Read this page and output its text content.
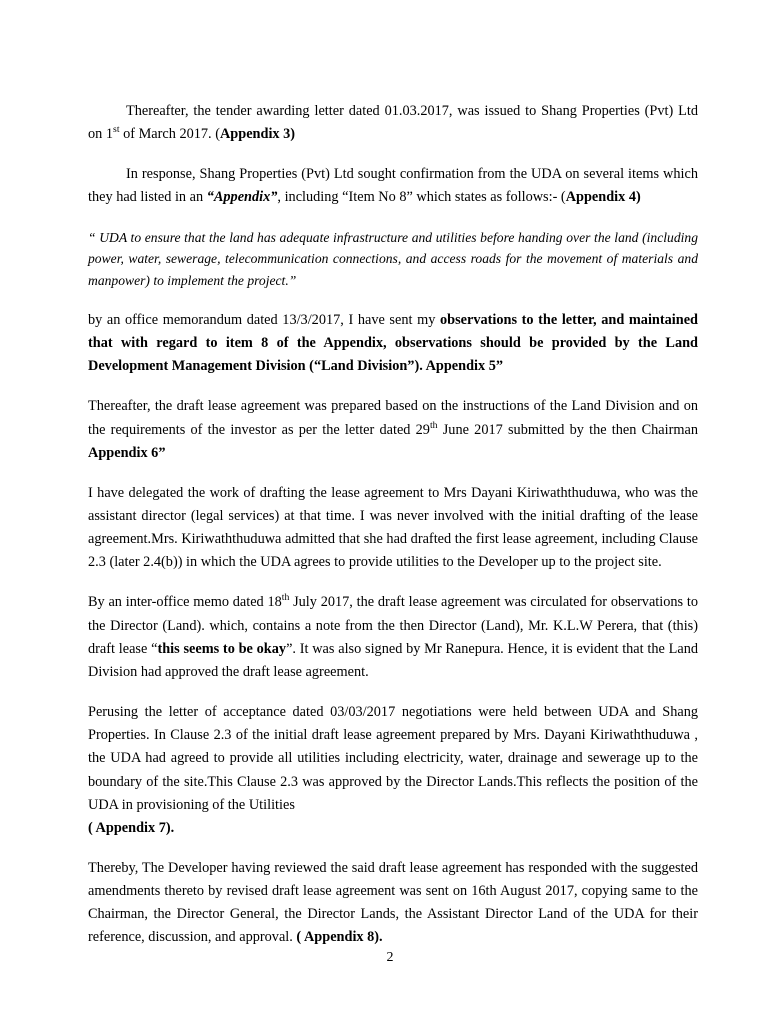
Thereafter, the tender awarding letter dated 01.03.2017, was issued to Shang Properties (Pvt) Ltd on 1st of March 2017. (Appendix 3)

In response, Shang Properties (Pvt) Ltd sought confirmation from the UDA on several items which they had listed in an “Appendix”, including “Item No 8” which states as follows:- (Appendix 4)

“ UDA to ensure that the land has adequate infrastructure and utilities before handing over the land (including power, water, sewerage, telecommunication connections, and access roads for the movement of materials and manpower) to implement the project.”

by an office memorandum dated 13/3/2017, I have sent my observations to the letter, and maintained that with regard to item 8 of the Appendix, observations should be provided by the Land Development Management Division (“Land Division”). Appendix 5”

Thereafter, the draft lease agreement was prepared based on the instructions of the Land Division and on the requirements of the investor as per the letter dated 29th June 2017 submitted by the then Chairman Appendix 6”

I have delegated the work of drafting the lease agreement to Mrs Dayani Kiriwaththuduwa, who was the assistant director (legal services) at that time. I was never involved with the initial drafting of the lease agreement.Mrs. Kiriwaththuduwa admitted that she had drafted the first lease agreement, including Clause 2.3 (later 2.4(b)) in which the UDA agrees to provide utilities to the Developer up to the project site.

By an inter-office memo dated 18th July 2017, the draft lease agreement was circulated for observations to the Director (Land). which, contains a note from the then Director (Land), Mr. K.L.W Perera, that (this) draft lease “this seems to be okay”. It was also signed by Mr Ranepura. Hence, it is evident that the Land Division had approved the draft lease agreement.

Perusing the letter of acceptance dated 03/03/2017 negotiations were held between UDA and Shang Properties. In Clause 2.3 of the initial draft lease agreement prepared by Mrs. Dayani Kiriwaththuduwa , the UDA had agreed to provide all utilities including electricity, water, drainage and sewerage up to the boundary of the site.This Clause 2.3 was approved by the Director Lands.This reflects the position of the UDA in provisioning of the Utilities
( Appendix 7).

Thereby, The Developer having reviewed the said draft lease agreement has responded with the suggested amendments thereto by revised draft lease agreement was sent on 16th August 2017, copying same to the Chairman, the Director General, the Director Lands, the Assistant Director Land of the UDA for their reference, discussion, and approval. ( Appendix 8).

2
